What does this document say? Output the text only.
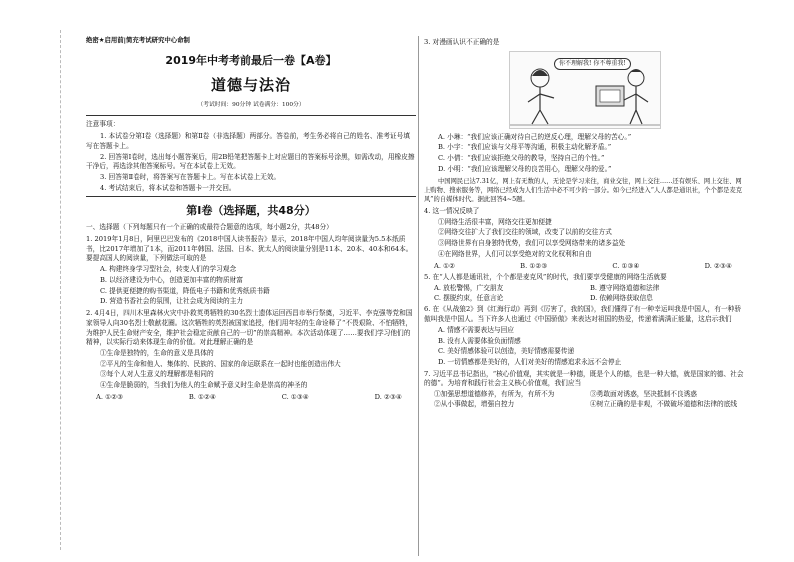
绝密★启用前|简充考试研究中心命制
2019年中考考前最后一卷【A卷】
道德与法治
（考试时间：90分钟 试卷满分：100分）
注意事项：
1. 本试卷分第Ⅰ卷（选择题）和第Ⅱ卷（非选择题）两部分。答卷前，考生务必将自己的姓名、准考证号填写在答题卡上。
2. 回答第Ⅰ卷时，选出每小题答案后，用2B铅笔把答题卡上对应题目的答案标号涂黑，如需改动，用橡皮擦干净后，再选涂其他答案标号。写在本试卷上无效。
3. 回答第Ⅱ卷时，将答案写在答题卡上。写在本试卷上无效。
4. 考试结束后，将本试卷和答题卡一并交回。
第Ⅰ卷（选择题，共48分）
一、选择题（下列每题只有一个正确的或最符合题意的选项，每小题2分，共48分）
1. 2019年1月8日，阿里巴巴发布的《2018中国人读书报告》显示，2018年中国人均年阅读量为5.5本纸质书，比2017年增加了1本，而2011年韩国、法国、日本、犹太人的阅读量分别是11本、20本、40本和64本。要提高国人的阅读量，下列做法可取的是
A. 构建终身学习型社会，转变人们的学习观念
B. 以经济建设为中心，创造更加丰富的物质财富
C. 提供更便捷的购书渠道，降低电子书籍和优秀纸质书籍
D. 营造书香社会的氛围，让社会成为阅读的主力
2. 4月4日，四川木里森林火灾中扑救英勇牺牲的30名烈士遗体运回西昌市举行祭奠，习近平、李克强等党和国家领导人向30名烈士敬献花圈。这次牺牲的英烈被国家追授，他们用年轻的生命诠释了“不畏艰险、不怕牺牲，为维护人民生命财产安全，维护社会稳定贡献自己的一切”的崇高精神。本次活动体现了……要我们学习他们的精神，以实际行动来体现生命的价值。对此理解正确的是
①生命是独特的，生命的意义是具体的
②平凡的生命和他人、集体的、民族的、国家的命运联系在一起时也能创造出伟大
③每个人对人生意义的理解都是相同的
④生命是脆弱的，当我们为他人的生命赋予意义时生命是崇高的神圣的
A. ①②③	B. ①②④	C. ①③④	D. ②③④
3. 对漫画认识不正确的是
你不理解我! 你不尊重我!
A. 小琳：“我们应该正确对待自己的逆反心理，理解父母的苦心。”
B. 小宇：“我们应该与父母平等沟通，积极主动化解矛盾。”
C. 小倩：“我们应该拒绝父母的教导，坚持自己的个性。”
D. 小明：“我们应该理解父母的良苦用心，理解父母的爱。”
中国网民已达7.31亿，网上有无数的人，无论是学习来往，商业交往，网上交往……还有娱乐、网上交往、网上购物、搜索服务等，网络已经成为人们生活中必不可少的一部分。如今已经进入“人人都是通讯社，个个都是麦克风”的自媒体时代。据此回答4~5题。
4. 这一情况反映了
①网络生活很丰富，网络交往更加便捷
②网络交往扩大了我们交往的领域，改变了以前的交往方式
③网络世界有自身独特优势，我们可以享受网络带来的诸多益处
④在网络世界，人们可以享受绝对的文化权利和自由
A. ①②	B. ①②③	C. ①③④	D. ②③④
5. 在“人人都是通讯社，个个都是麦克风”的时代，我们要享受健康的网络生活就要
A. 放松警惕，广交朋友	B. 遵守网络道德和法律
C. 摆脱约束，任意言论	D. 依赖网络获取信息
6. 在《从战狼2》到《红海行动》再到《厉害了，我的国》，我们懂得了有一种幸运叫我是中国人，有一种骄傲叫我是中国人。当下许多人也通过《中国骄傲》来表达对祖国的热爱，传递着满满正能量，这启示我们
A. 情感不需要表达与回应
B. 没有人需要体验负面情感
C. 美好情感体验可以创造，美好情感需要传递
D. 一切情感都是美好的，人们对美好的情感追求永远不会停止
7. 习近平总书记指出，“核心价值观，其实就是一种德，既是个人的德，也是一种大德，就是国家的德、社会的德”。为培育和践行社会主义核心价值观，我们应当
①加强思想道德修养，有所为，有所不为	③勇敢面对诱惑，坚决抵制不良诱惑
②从小事做起，增强自控力	④树立正确的是非观，不做破坏道德和法律的底线
